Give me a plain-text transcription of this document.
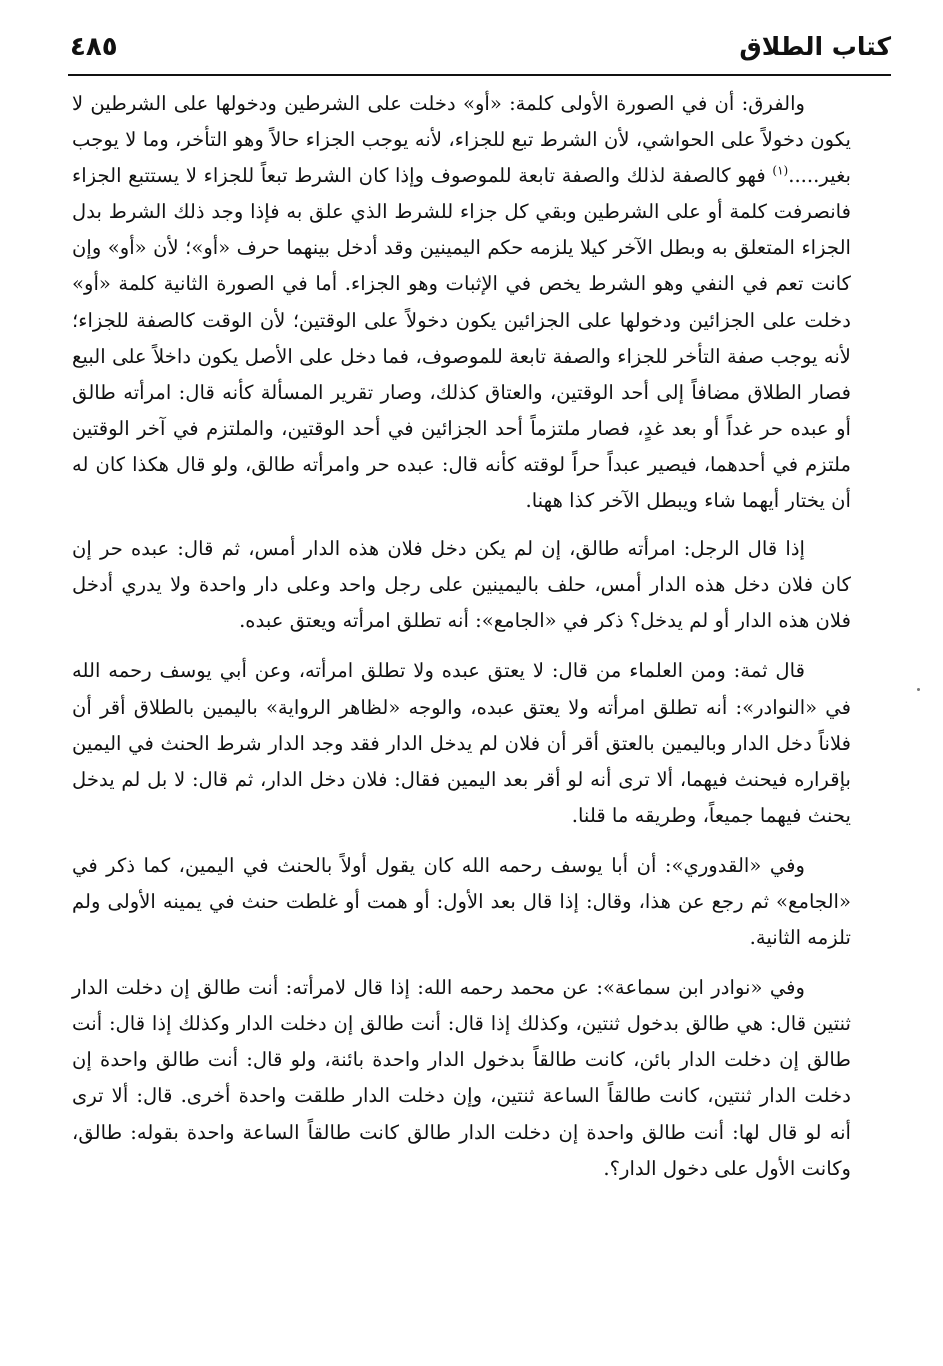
كتاب الطلاق
٤٨٥

والفرق: أن في الصورة الأولى كلمة: «أو» دخلت على الشرطين ودخولها على الشرطين لا يكون دخولاً على الحواشي، لأن الشرط تبع للجزاء، لأنه يوجب الجزاء حالاً وهو التأخر، وما لا يوجب بغير.....$^{(١)}$ فهو كالصفة لذلك والصفة تابعة للموصوف وإذا كان الشرط تبعاً للجزاء لا يستتبع الجزاء فانصرفت كلمة أو على الشرطين وبقي كل جزاء للشرط الذي علق به فإذا وجد ذلك الشرط بدل الجزاء المتعلق به وبطل الآخر كيلا يلزمه حكم اليمينين وقد أدخل بينهما حرف «أو»؛ لأن «أو» وإن كانت تعم في النفي وهو الشرط يخص في الإثبات وهو الجزاء. أما في الصورة الثانية كلمة «أو» دخلت على الجزائين ودخولها على الجزائين يكون دخولاً على الوقتين؛ لأن الوقت كالصفة للجزاء؛ لأنه يوجب صفة التأخر للجزاء والصفة تابعة للموصوف، فما دخل على الأصل يكون داخلاً على البيع فصار الطلاق مضافاً إلى أحد الوقتين، والعتاق كذلك، وصار تقرير المسألة كأنه قال: امرأته طالق أو عبده حر غداً أو بعد غدٍ، فصار ملتزماً أحد الجزائين في أحد الوقتين، والملتزم في آخر الوقتين ملتزم في أحدهما، فيصير عبداً حراً لوقته كأنه قال: عبده حر وامرأته طالق، ولو قال هكذا كان له أن يختار أيهما شاء ويبطل الآخر كذا ههنا.

إذا قال الرجل: امرأته طالق، إن لم يكن دخل فلان هذه الدار أمس، ثم قال: عبده حر إن كان فلان دخل هذه الدار أمس، حلف باليمينين على رجل واحد وعلى دار واحدة ولا يدري أدخل فلان هذه الدار أو لم يدخل؟ ذكر في «الجامع»: أنه تطلق امرأته ويعتق عبده.

قال ثمة: ومن العلماء من قال: لا يعتق عبده ولا تطلق امرأته، وعن أبي يوسف رحمه الله في «النوادر»: أنه تطلق امرأته ولا يعتق عبده، والوجه «لظاهر الرواية» باليمين بالطلاق أقر أن فلاناً دخل الدار وباليمين بالعتق أقر أن فلان لم يدخل الدار فقد وجد الدار شرط الحنث في اليمين بإقراره فيحنث فيهما، ألا ترى أنه لو أقر بعد اليمين فقال: فلان دخل الدار، ثم قال: لا بل لم يدخل يحنث فيهما جميعاً، وطريقه ما قلنا.

وفي «القدوري»: أن أبا يوسف رحمه الله كان يقول أولاً بالحنث في اليمين، كما ذكر في «الجامع» ثم رجع عن هذا، وقال: إذا قال بعد الأول: أو همت أو غلطت حنث في يمينه الأولى ولم تلزمه الثانية.

وفي «نوادر ابن سماعة»: عن محمد رحمه الله: إذا قال لامرأته: أنت طالق إن دخلت الدار ثنتين قال: هي طالق بدخول ثنتين، وكذلك إذا قال: أنت طالق إن دخلت الدار وكذلك إذا قال: أنت طالق إن دخلت الدار بائن، كانت طالقاً بدخول الدار واحدة بائنة، ولو قال: أنت طالق واحدة إن دخلت الدار ثنتين، كانت طالقاً الساعة ثنتين، وإن دخلت الدار طلقت واحدة أخرى. قال: ألا ترى أنه لو قال لها: أنت طالق واحدة إن دخلت الدار طالق كانت طالقاً الساعة واحدة بقوله: طالق، وكانت الأول على دخول الدار؟.
